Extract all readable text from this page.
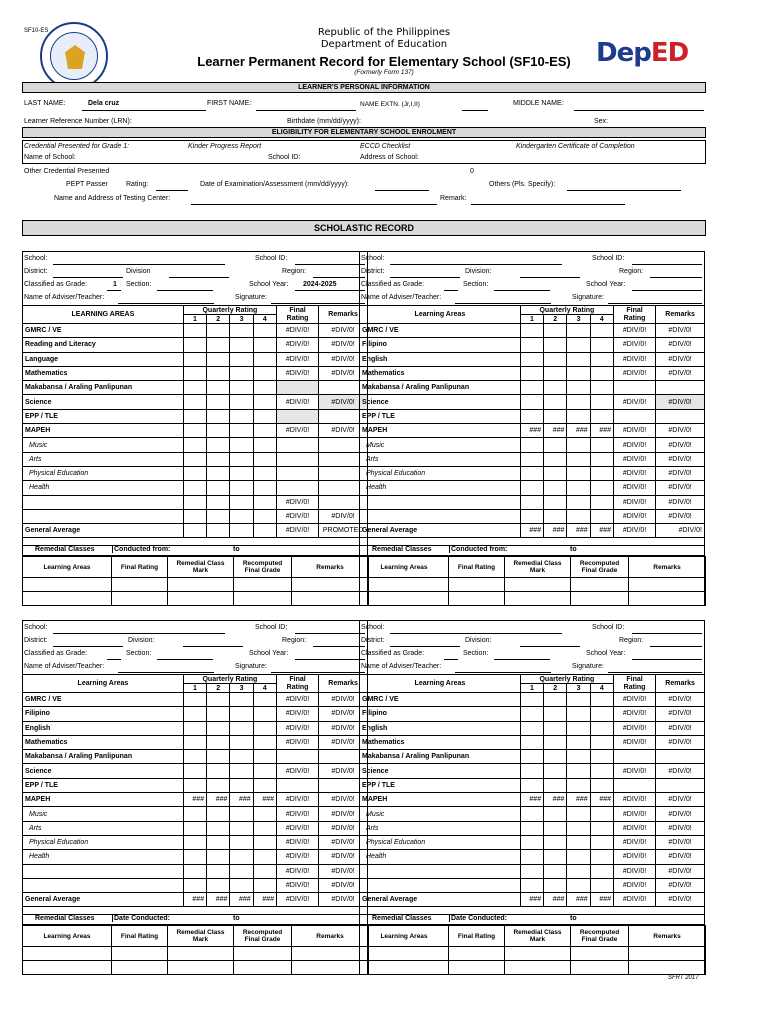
SF10-ES
DepED
Republic of the Philippines
Department of Education
Learner Permanent Record for Elementary School (SF10-ES)
(Formerly Form 137)
LEARNER'S PERSONAL INFORMATION
LAST NAME:	Dela cruz	FIRST NAME:	NAME EXTN. (Jr,I,II)	MIDDLE NAME:
Learner Reference Number (LRN):	Birthdate (mm/dd/yyyy):	Sex:
ELIGIBILITY FOR ELEMENTARY SCHOOL ENROLMENT
Credential Presented for Grade 1:	Kinder Progress Report	ECCD Checklist	Kindergarten Certificate of Completion
Name of School:	School ID:	Address of School:
Other Credential Presented	0
PEPT Passer	Rating:	Date of Examination/Assessment (mm/dd/yyyy):	Others (Pls. Specify):
Name and Address of Testing Center:	Remark:
SCHOLASTIC RECORD
School:	School ID:
District:	Division	Region:
Classified as Grade:	1 Section:	School Year: 2024-2025
Name of Adviser/Teacher:	Signature:
LEARNING AREAS	Quarterly Rating				Final Rating	Remarks
	1	2	3	4		
GMRC / VE					#DIV/0!	#DIV/0!
Reading and Literacy					#DIV/0!	#DIV/0!
Language					#DIV/0!	#DIV/0!
Mathematics					#DIV/0!	#DIV/0!
Makabansa / Araling Panlipunan						
Science					#DIV/0!	#DIV/0!
EPP / TLE						
MAPEH					#DIV/0!	#DIV/0!
Music						
Arts						
Physical Education						
Health						
					#DIV/0!	
					#DIV/0!	#DIV/0!
General Average					#DIV/0!	PROMOTED
Remedial Classes	Conducted from:	to
Learning Areas	Final Rating	Remedial Class Mark	Recomputed Final Grade	Remarks

School:	School ID:
District:	Division:	Region:
Classified as Grade:	Section:	School Year:
Name of Adviser/Teacher:	Signature:
Learning Areas	Quarterly Rating				Final Rating	Remarks
	1	2	3	4		
GMRC / VE					#DIV/0!	#DIV/0!
Filipino					#DIV/0!	#DIV/0!
English					#DIV/0!	#DIV/0!
Mathematics					#DIV/0!	#DIV/0!
Makabansa / Araling Panlipunan						
Science					#DIV/0!	#DIV/0!
EPP / TLE						
MAPEH	###	###	###	###	#DIV/0!	#DIV/0!
Music					#DIV/0!	#DIV/0!
Arts					#DIV/0!	#DIV/0!
Physical Education					#DIV/0!	#DIV/0!
Health					#DIV/0!	#DIV/0!
					#DIV/0!	#DIV/0!
					#DIV/0!	#DIV/0!
General Average	###	###	###	###	#DIV/0!	#DIV/0!
Remedial Classes	Conducted from:	to
Learning Areas	Final Rating	Remedial Class Mark	Recomputed Final Grade	Remarks

School:	School ID:
District:	Division:	Region:
Classified as Grade:	Section:	School Year:
Name of Adviser/Teacher:	Signature:
Learning Areas	Quarterly Rating				Final Rating	Remarks
	1	2	3	4		
GMRC / VE					#DIV/0!	#DIV/0!
Filipino					#DIV/0!	#DIV/0!
English					#DIV/0!	#DIV/0!
Mathematics					#DIV/0!	#DIV/0!
Makabansa / Araling Panlipunan						
Science					#DIV/0!	#DIV/0!
EPP / TLE						
MAPEH	###	###	###	###	#DIV/0!	#DIV/0!
Music					#DIV/0!	#DIV/0!
Arts					#DIV/0!	#DIV/0!
Physical Education					#DIV/0!	#DIV/0!
Health					#DIV/0!	#DIV/0!
					#DIV/0!	#DIV/0!
					#DIV/0!	#DIV/0!
General Average	###	###	###	###	#DIV/0!	#DIV/0!
Remedial Classes	Date Conducted:	to
Learning Areas	Final Rating	Remedial Class Mark	Recomputed Final Grade	Remarks

School:	School ID:
District:	Division:	Region:
Classified as Grade:	Section:	School Year:
Name of Adviser/Teacher:	Signature:
Learning Areas	Quarterly Rating				Final Rating	Remarks
	1	2	3	4		
GMRC / VE					#DIV/0!	#DIV/0!
Filipino					#DIV/0!	#DIV/0!
English					#DIV/0!	#DIV/0!
Mathematics					#DIV/0!	#DIV/0!
Makabansa / Araling Panlipunan						
Science					#DIV/0!	#DIV/0!
EPP / TLE						
MAPEH	###	###	###	###	#DIV/0!	#DIV/0!
Music					#DIV/0!	#DIV/0!
Arts					#DIV/0!	#DIV/0!
Physical Education					#DIV/0!	#DIV/0!
Health					#DIV/0!	#DIV/0!
					#DIV/0!	#DIV/0!
					#DIV/0!	#DIV/0!
General Average	###	###	###	###	#DIV/0!	#DIV/0!
Remedial Classes	Date Conducted:	to
Learning Areas	Final Rating	Remedial Class Mark	Recomputed Final Grade	Remarks

SFRT 2017
